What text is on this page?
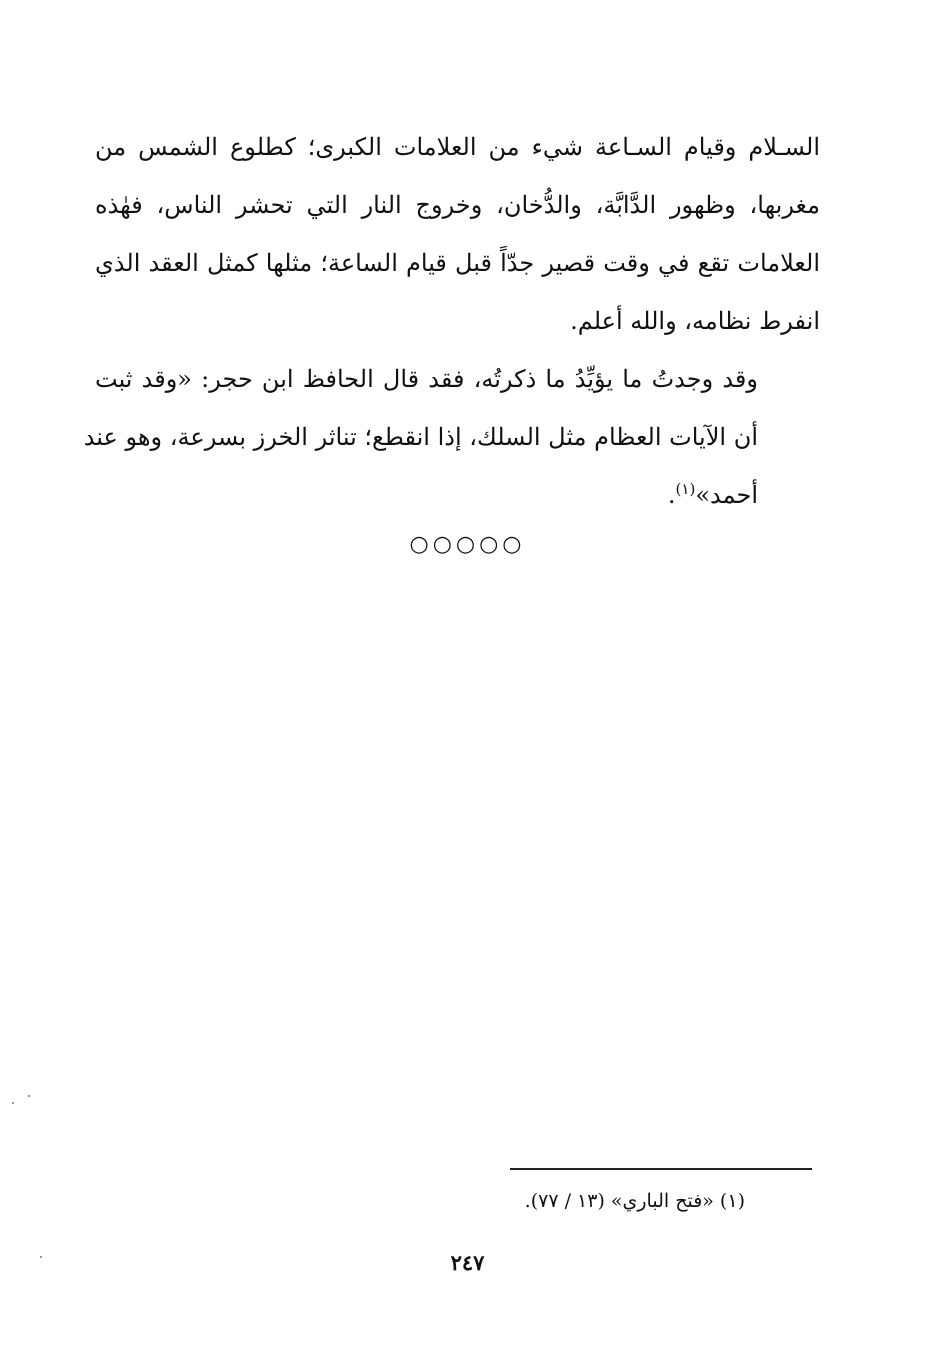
السـلام وقيام السـاعة شيء من العلامات الكبرى؛ كطلوع الشمس من
مغربها، وظهور الدَّابَّة، والدُّخان، وخروج النار التي تحشر الناس، فهٰذه
العلامات تقع في وقت قصير جدّاً قبل قيام الساعة؛ مثلها كمثل العقد الذي
انفرط نظامه، والله أعلم.

وقد وجدتُ ما يؤيِّدُ ما ذكرتُه، فقد قال الحافظ ابن حجر: «وقد ثبت
أن الآيات العظام مثل السلك، إذا انقطع؛ تناثر الخرز بسرعة، وهو عند
أحمد»$^{(١)}$.

○○○○○
(١) «فتح الباري» (١٣ / ٧٧).
٢٤٧
